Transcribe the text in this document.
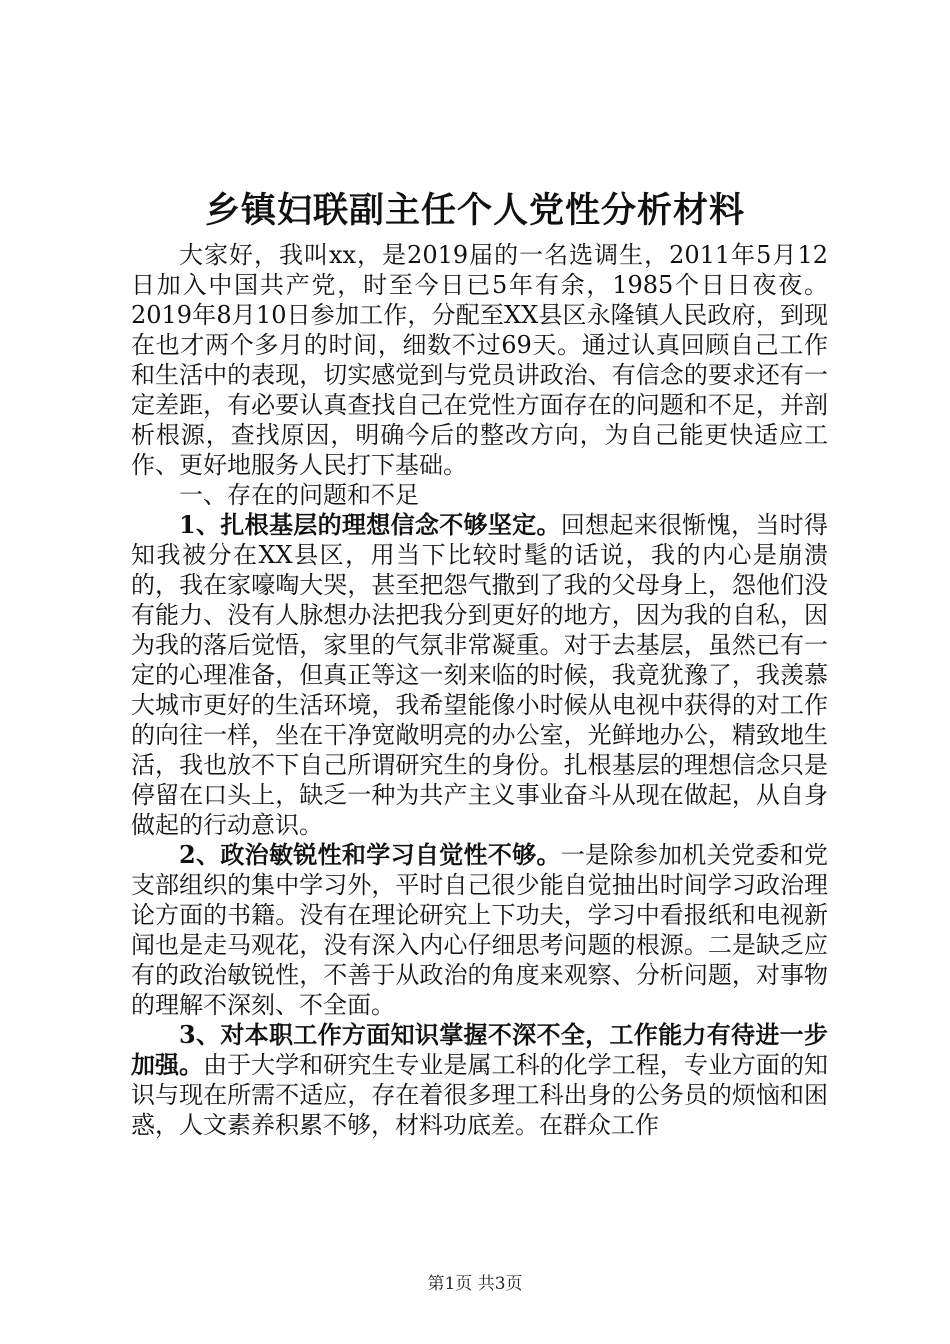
乡镇妇联副主任个人党性分析材料

大家好，我叫xx，是2019届的一名选调生，2011年5月12日加入中国共产党，时至今日已5年有余，1985个日日夜夜。2019年8月10日参加工作，分配至XX县区永隆镇人民政府，到现在也才两个多月的时间，细数不过69天。通过认真回顾自己工作和生活中的表现，切实感觉到与党员讲政治、有信念的要求还有一定差距，有必要认真查找自己在党性方面存在的问题和不足，并剖析根源，查找原因，明确今后的整改方向，为自己能更快适应工作、更好地服务人民打下基础。

一、存在的问题和不足

1、扎根基层的理想信念不够坚定。回想起来很惭愧，当时得知我被分在XX县区，用当下比较时髦的话说，我的内心是崩溃的，我在家嚎啕大哭，甚至把怨气撒到了我的父母身上，怨他们没有能力、没有人脉想办法把我分到更好的地方，因为我的自私，因为我的落后觉悟，家里的气氛非常凝重。对于去基层，虽然已有一定的心理准备，但真正等这一刻来临的时候，我竟犹豫了，我羡慕大城市更好的生活环境，我希望能像小时候从电视中获得的对工作的向往一样，坐在干净宽敞明亮的办公室，光鲜地办公，精致地生活，我也放不下自己所谓研究生的身份。扎根基层的理想信念只是停留在口头上，缺乏一种为共产主义事业奋斗从现在做起，从自身做起的行动意识。

2、政治敏锐性和学习自觉性不够。一是除参加机关党委和党支部组织的集中学习外，平时自己很少能自觉抽出时间学习政治理论方面的书籍。没有在理论研究上下功夫，学习中看报纸和电视新闻也是走马观花，没有深入内心仔细思考问题的根源。二是缺乏应有的政治敏锐性，不善于从政治的角度来观察、分析问题，对事物的理解不深刻、不全面。

3、对本职工作方面知识掌握不深不全，工作能力有待进一步加强。由于大学和研究生专业是属工科的化学工程，专业方面的知识与现在所需不适应，存在着很多理工科出身的公务员的烦恼和困惑，人文素养积累不够，材料功底差。在群众工作

第1页 共3页
